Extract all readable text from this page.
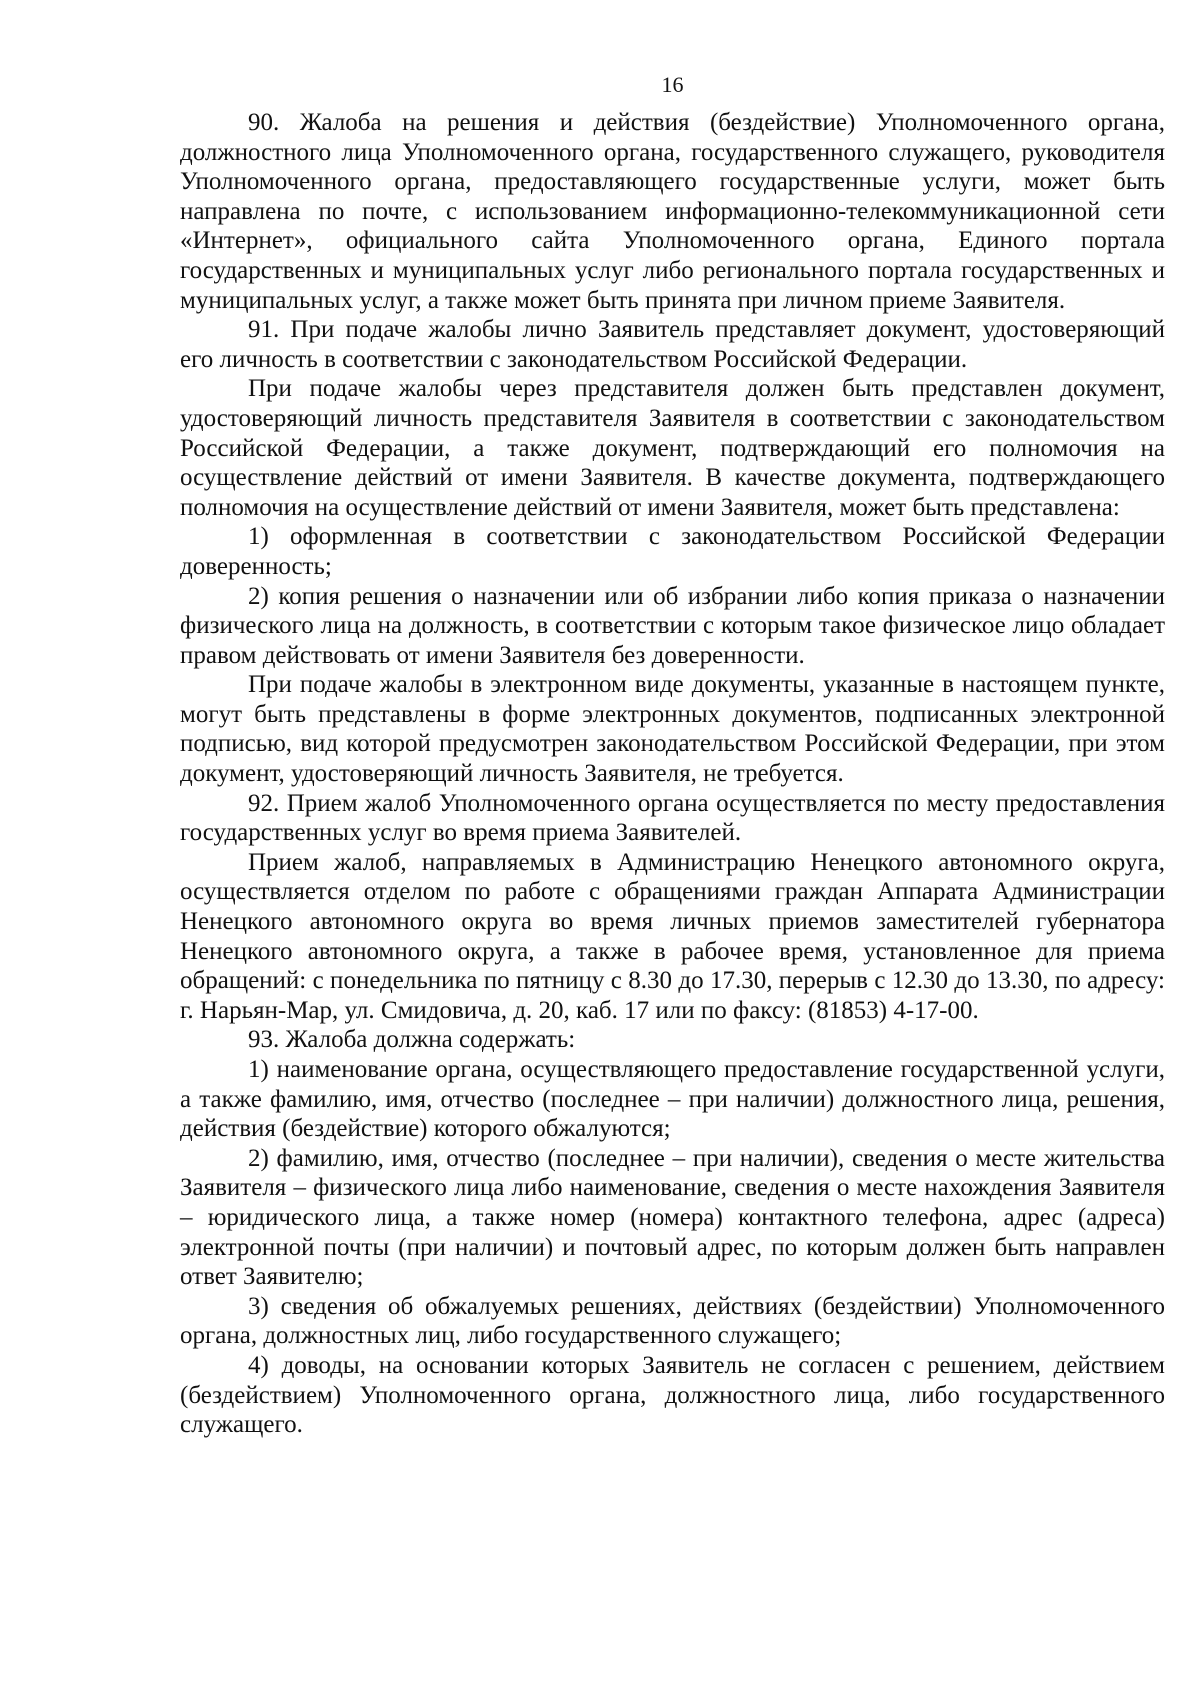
16

90. Жалоба на решения и действия (бездействие) Уполномоченного органа, должностного лица Уполномоченного органа, государственного служащего, руководителя Уполномоченного органа, предоставляющего государственные услуги, может быть направлена по почте, с использованием информационно-телекоммуникационной сети «Интернет», официального сайта Уполномоченного органа, Единого портала государственных и муниципальных услуг либо регионального портала государственных и муниципальных услуг, а также может быть принята при личном приеме Заявителя.

91. При подаче жалобы лично Заявитель представляет документ, удостоверяющий его личность в соответствии с законодательством Российской Федерации.

При подаче жалобы через представителя должен быть представлен документ, удостоверяющий личность представителя Заявителя в соответствии с законодательством Российской Федерации, а также документ, подтверждающий его полномочия на осуществление действий от имени Заявителя. В качестве документа, подтверждающего полномочия на осуществление действий от имени Заявителя, может быть представлена:

1) оформленная в соответствии с законодательством Российской Федерации доверенность;

2) копия решения о назначении или об избрании либо копия приказа о назначении физического лица на должность, в соответствии с которым такое физическое лицо обладает правом действовать от имени Заявителя без доверенности.

При подаче жалобы в электронном виде документы, указанные в настоящем пункте, могут быть представлены в форме электронных документов, подписанных электронной подписью, вид которой предусмотрен законодательством Российской Федерации, при этом документ, удостоверяющий личность Заявителя, не требуется.

92. Прием жалоб Уполномоченного органа осуществляется по месту предоставления государственных услуг во время приема Заявителей.

Прием жалоб, направляемых в Администрацию Ненецкого автономного округа, осуществляется отделом по работе с обращениями граждан Аппарата Администрации Ненецкого автономного округа во время личных приемов заместителей губернатора Ненецкого автономного округа, а также в рабочее время, установленное для приема обращений: с понедельника по пятницу с 8.30 до 17.30, перерыв с 12.30 до 13.30, по адресу: г. Нарьян-Мар, ул. Смидовича, д. 20, каб. 17 или по факсу: (81853) 4-17-00.

93. Жалоба должна содержать:

1) наименование органа, осуществляющего предоставление государственной услуги, а также фамилию, имя, отчество (последнее – при наличии) должностного лица, решения, действия (бездействие) которого обжалуются;

2) фамилию, имя, отчество (последнее – при наличии), сведения о месте жительства Заявителя – физического лица либо наименование, сведения о месте нахождения Заявителя – юридического лица, а также номер (номера) контактного телефона, адрес (адреса) электронной почты (при наличии) и почтовый адрес, по которым должен быть направлен ответ Заявителю;

3) сведения об обжалуемых решениях, действиях (бездействии) Уполномоченного органа, должностных лиц, либо государственного служащего;

4) доводы, на основании которых Заявитель не согласен с решением, действием (бездействием) Уполномоченного органа, должностного лица, либо государственного служащего.
